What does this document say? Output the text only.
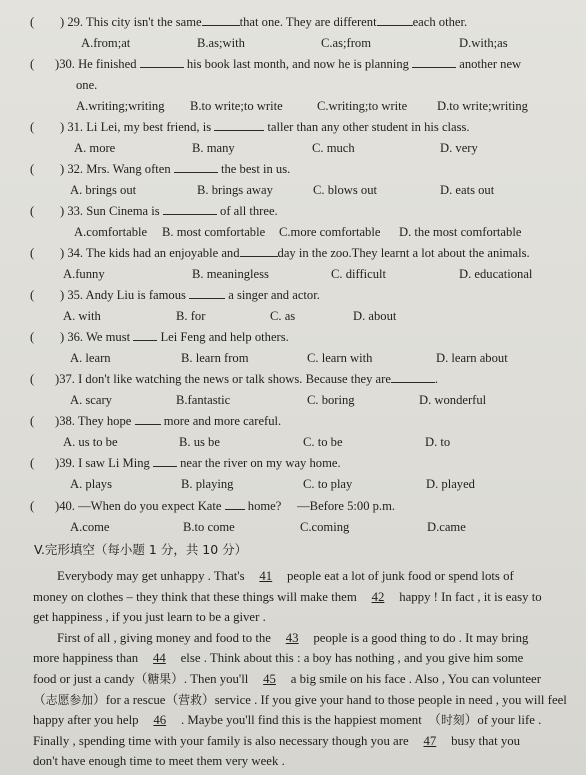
( ) 29. This city isn't the same	that one. They are different	each other.
A.from;at	B.as;with	C.as;from	D.with;as
( )30. He finished	his book last month, and now he is planning	another new
one.
A.writing;writing B.to write;to write	C.writing;to write D.to write;writing
( ) 31. Li Lei, my best friend, is	taller than any other student in his class.
A. more	B. many	C. much	D. very
( ) 32. Mrs. Wang often	the best in us.
A. brings out	B. brings away	C. blows out	D. eats out
( ) 33. Sun Cinema is	of all three.
A.comfortable B. most comfortable C.more comfortable D. the most comfortable
( ) 34. The kids had an enjoyable and	day in the zoo.They learnt a lot about the animals.
A.funny	B. meaningless	C. difficult	D. educational
( ) 35. Andy Liu is famous	a singer and actor.
A. with	B. for	C. as	D. about
( ) 36. We must Lei Feng and help others.
A. learn	B. learn from	C. learn with	D. learn about
( )37. I don't like watching the news or talk shows. Because they are	.
A. scary	B.fantastic	C. boring	D. wonderful
( )38. They hope	more and more careful.
A. us to be	B. us be	C. to be	D. to
( )39. I saw Li Ming near the river on my way home.
A. plays	B. playing	C. to play	D. played
( )40. —When do you expect Kate home?     —Before 5:00 p.m.
A.come	B.to come	C.coming	D.came
V.完形填空（每小题 1 分，共 10 分）
Everybody may get unhappy . That's 41 people eat a lot of junk food or spend lots of
money on clothes – they think that these things will make them 42 happy ! In fact , it is easy to
get happiness , if you just learn to be a giver .
First of all , giving money and food to the 43 people is a good thing to do . It may bring
more happiness than 44 else . Think about this : a boy has nothing , and you give him some
food or just a candy（糖果）. Then you'll 45 a big smile on his face . Also , You can volunteer
（志愿参加）for a rescue（营救）service . If you give your hand to those people in need , you will feel
happy after you help 46 . Maybe you'll find this is the happiest moment  （时刻）of your life .
Finally , spending time with your family is also necessary though you are 47 busy that you
don't have enough time to meet them very week .
